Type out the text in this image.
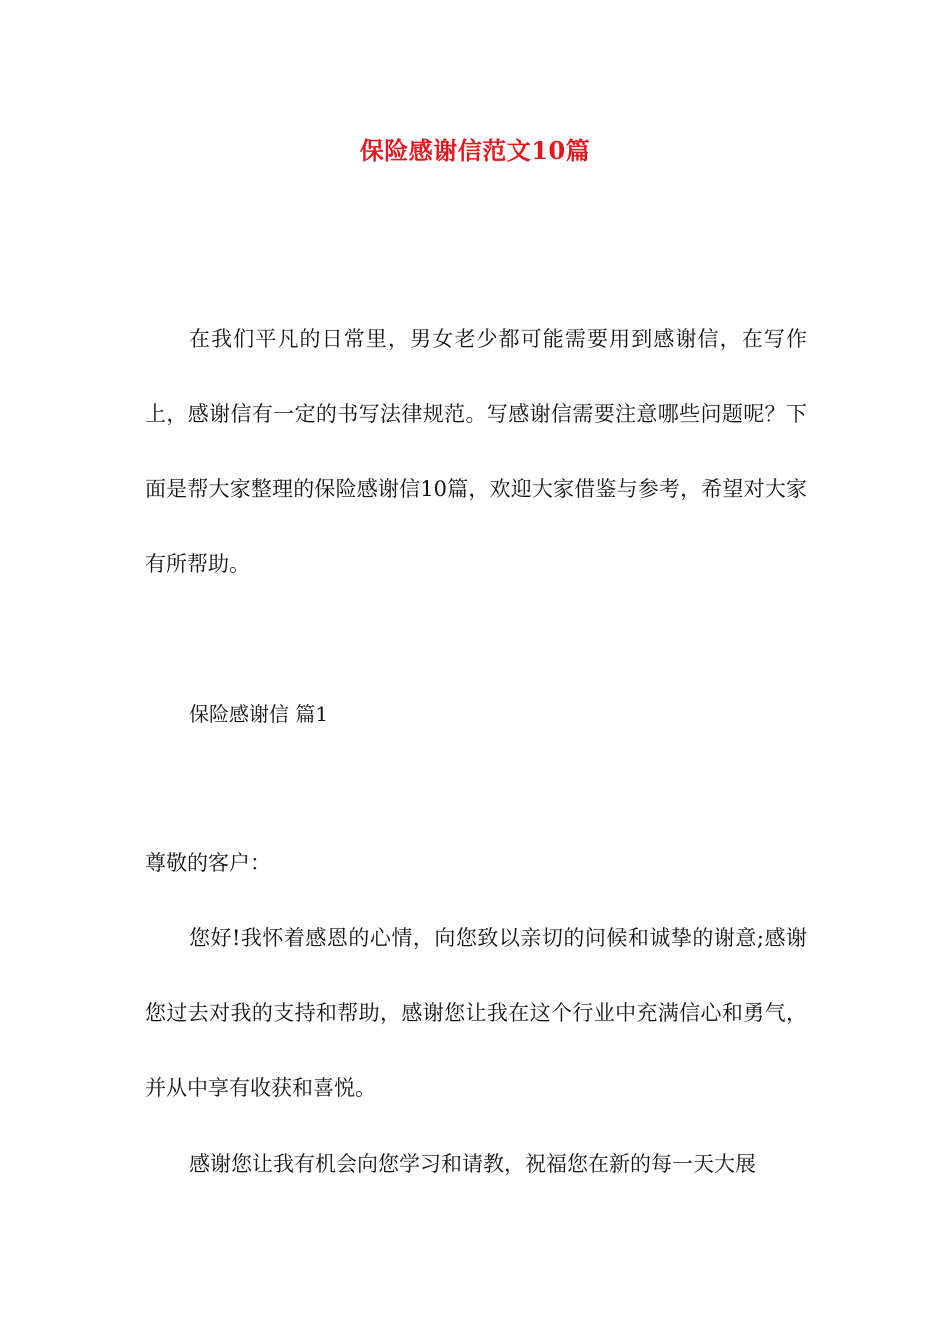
保险感谢信范文10篇

在我们平凡的日常里，男女老少都可能需要用到感谢信，在写作上，感谢信有一定的书写法律规范。写感谢信需要注意哪些问题呢？下面是帮大家整理的保险感谢信10篇，欢迎大家借鉴与参考，希望对大家有所帮助。

保险感谢信 篇1

尊敬的客户：

您好!我怀着感恩的心情，向您致以亲切的问候和诚挚的谢意;感谢您过去对我的支持和帮助，感谢您让我在这个行业中充满信心和勇气，并从中享有收获和喜悦。

感谢您让我有机会向您学习和请教，祝福您在新的每一天大展
